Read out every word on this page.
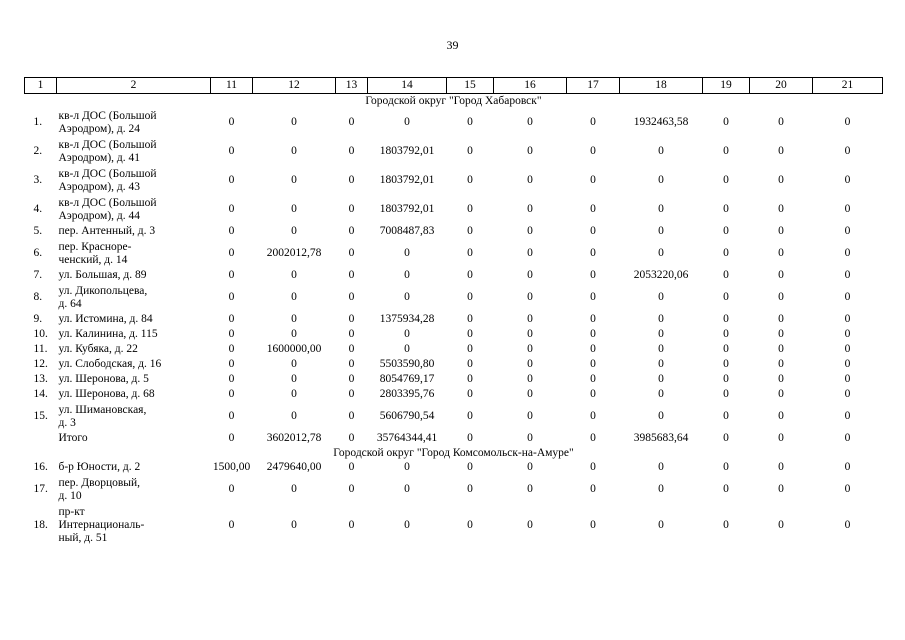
39
1	2	11	12	13	14	15	16	17	18	19	20	21
Городской округ "Город Хабаровск"												
1.	кв-л ДОС (Большой Аэродром), д. 24	0	0	0	0	0	0	0	1932463,58	0	0	0
2.	кв-л ДОС (Большой Аэродром), д. 41	0	0	0	1803792,01	0	0	0	0	0	0	0
3.	кв-л ДОС (Большой Аэродром), д. 43	0	0	0	1803792,01	0	0	0	0	0	0	0
4.	кв-л ДОС (Большой Аэродром), д. 44	0	0	0	1803792,01	0	0	0	0	0	0	0
5.	пер. Антенный, д. 3	0	0	0	7008487,83	0	0	0	0	0	0	0
6.	пер. Красноре-
ченский, д. 14	0	2002012,78	0	0	0	0	0	0	0	0	0
7.	ул. Большая, д. 89	0	0	0	0	0	0	0	2053220,06	0	0	0
8.	ул. Дикопольцева,
д. 64	0	0	0	0	0	0	0	0	0	0	0
9.	ул. Истомина, д. 84	0	0	0	1375934,28	0	0	0	0	0	0	0
10.	ул. Калинина, д. 115	0	0	0	0	0	0	0	0	0	0	0
11.	ул. Кубяка, д. 22	0	1600000,00	0	0	0	0	0	0	0	0	0
12.	ул. Слободская, д. 16	0	0	0	5503590,80	0	0	0	0	0	0	0
13.	ул. Шеронова, д. 5	0	0	0	8054769,17	0	0	0	0	0	0	0
14.	ул. Шеронова, д. 68	0	0	0	2803395,76	0	0	0	0	0	0	0
15.	ул. Шимановская,
д. 3	0	0	0	5606790,54	0	0	0	0	0	0	0
	Итого	0	3602012,78	0	35764344,41	0	0	0	3985683,64	0	0	0
Городской округ "Город Комсомольск-на-Амуре"												
16.	б-р Юности, д. 2	1500,00	2479640,00	0	0	0	0	0	0	0	0	0
17.	пер. Дворцовый,
д. 10	0	0	0	0	0	0	0	0	0	0	0
18.	пр-кт
Интернациональ-
ный, д. 51	0	0	0	0	0	0	0	0	0	0	0
